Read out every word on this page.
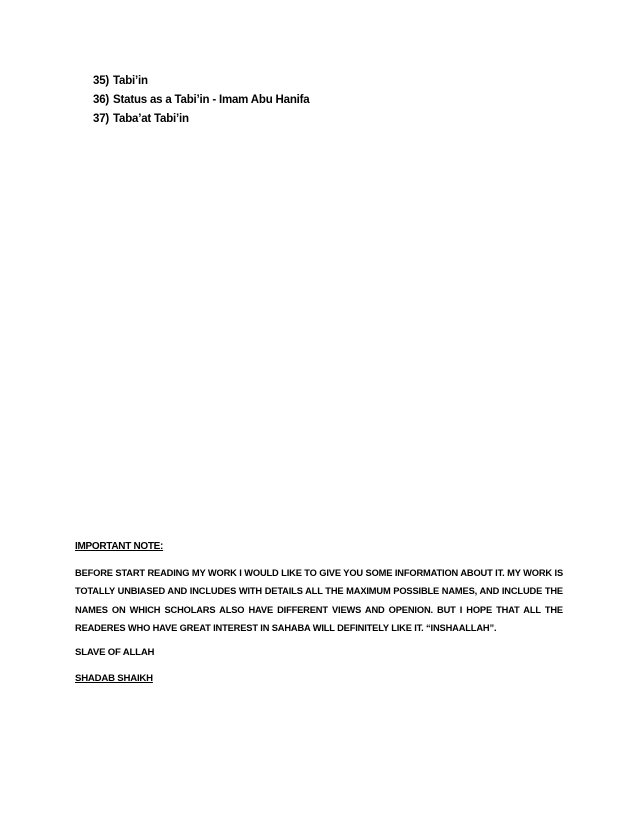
35) Tabi’in
36) Status as a Tabi’in - Imam Abu Hanifa
37) Taba’at Tabi’in

IMPORTANT NOTE:

BEFORE START READING MY WORK I WOULD LIKE TO GIVE YOU SOME INFORMATION ABOUT IT. MY WORK IS TOTALLY UNBIASED AND INCLUDES WITH DETAILS ALL THE MAXIMUM POSSIBLE NAMES, AND INCLUDE THE NAMES ON WHICH SCHOLARS ALSO HAVE DIFFERENT VIEWS AND OPENION. BUT I HOPE THAT ALL THE READERES WHO HAVE GREAT INTEREST IN SAHABA WILL DEFINITELY LIKE IT. “INSHAALLAH”.

SLAVE OF ALLAH

SHADAB SHAIKH
